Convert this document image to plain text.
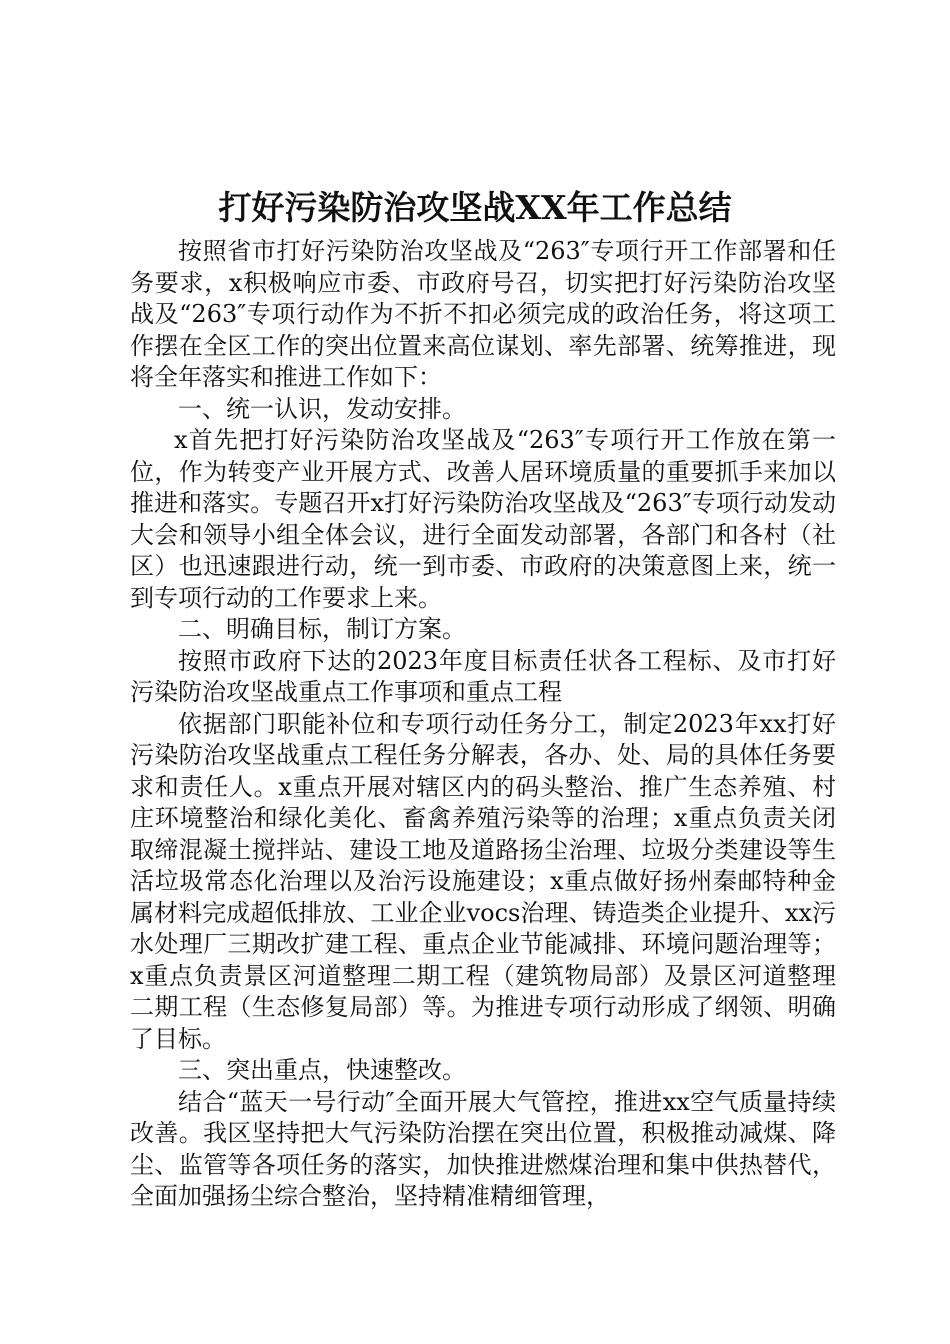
打好污染防治攻坚战XX年工作总结

按照省市打好污染防治攻坚战及“263″专项行开工作部署和任务要求，x积极响应市委、市政府号召，切实把打好污染防治攻坚战及“263″专项行动作为不折不扣必须完成的政治任务，将这项工作摆在全区工作的突出位置来高位谋划、率先部署、统筹推进，现将全年落实和推进工作如下：

一、统一认识，发动安排。

x首先把打好污染防治攻坚战及“263″专项行开工作放在第一位，作为转变产业开展方式、改善人居环境质量的重要抓手来加以推进和落实。专题召开x打好污染防治攻坚战及“263″专项行动发动大会和领导小组全体会议，进行全面发动部署，各部门和各村（社区）也迅速跟进行动，统一到市委、市政府的决策意图上来，统一到专项行动的工作要求上来。

二、明确目标，制订方案。

按照市政府下达的2023年度目标责任状各工程标、及市打好污染防治攻坚战重点工作事项和重点工程

依据部门职能补位和专项行动任务分工，制定2023年xx打好污染防治攻坚战重点工程任务分解表，各办、处、局的具体任务要求和责任人。x重点开展对辖区内的码头整治、推广生态养殖、村庄环境整治和绿化美化、畜禽养殖污染等的治理；x重点负责关闭取缔混凝土搅拌站、建设工地及道路扬尘治理、垃圾分类建设等生活垃圾常态化治理以及治污设施建设；x重点做好扬州秦邮特种金属材料完成超低排放、工业企业vocs治理、铸造类企业提升、xx污水处理厂三期改扩建工程、重点企业节能减排、环境问题治理等；x重点负责景区河道整理二期工程（建筑物局部）及景区河道整理二期工程（生态修复局部）等。为推进专项行动形成了纲领、明确了目标。

三、突出重点，快速整改。

结合“蓝天一号行动″全面开展大气管控，推进xx空气质量持续改善。我区坚持把大气污染防治摆在突出位置，积极推动减煤、降尘、监管等各项任务的落实，加快推进燃煤治理和集中供热替代，全面加强扬尘综合整治，坚持精准精细管理，
